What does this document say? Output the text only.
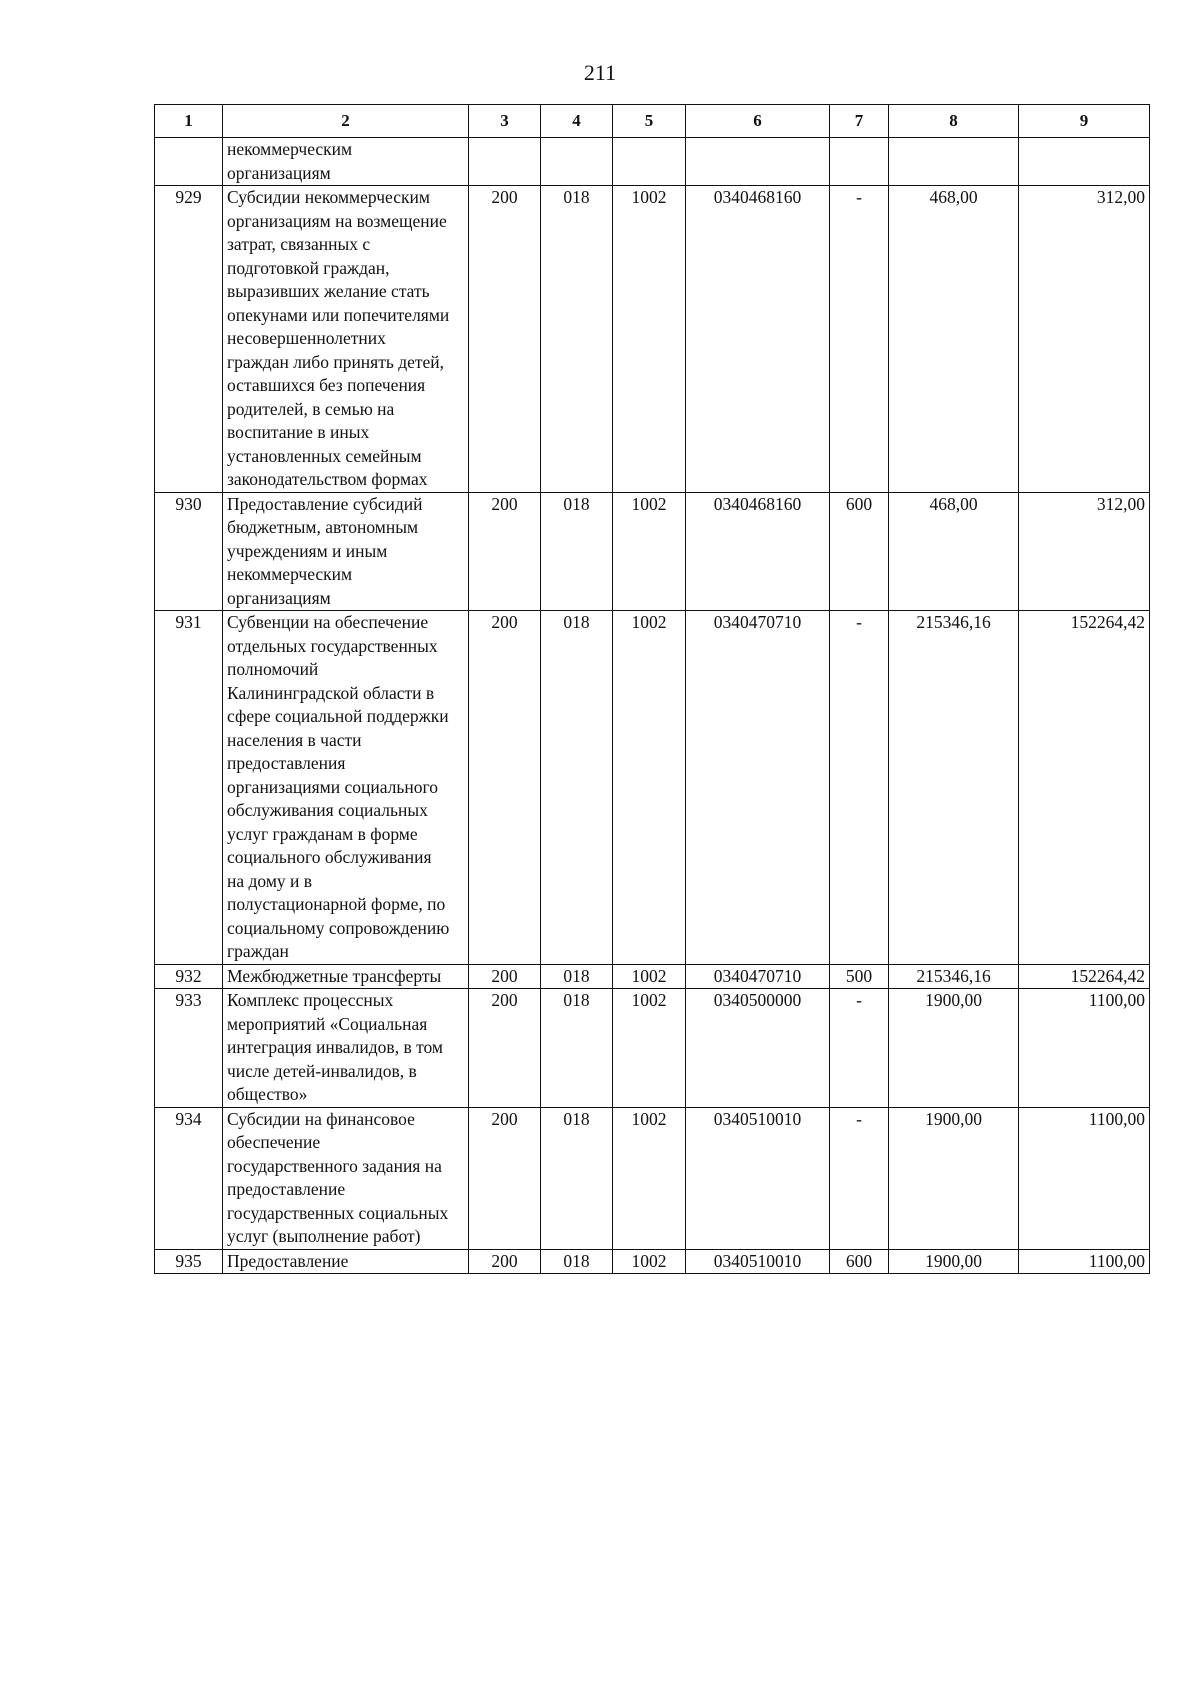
211
1	2	3	4	5	6	7	8	9

	некоммерческим организациям							

929	Субсидии некоммерческим организациям на возмещение затрат, связанных с подготовкой граждан, выразивших желание стать опекунами или попечителями несовершеннолетних граждан либо принять детей, оставшихся без попечения родителей, в семью на воспитание в иных установленных семейным законодательством формах	200	018	1002	0340468160	-	468,00	312,00
930	Предоставление субсидий бюджетным, автономным учреждениям и иным некоммерческим организациям	200	018	1002	0340468160	600	468,00	312,00
931	Субвенции на обеспечение отдельных государственных полномочий Калининградской области в сфере социальной поддержки населения в части предоставления организациями социального обслуживания социальных услуг гражданам в форме социального обслуживания на дому и в полустационарной форме, по социальному сопровождению граждан	200	018	1002	0340470710	-	215346,16	152264,42
932	Межбюджетные трансферты	200	018	1002	0340470710	500	215346,16	152264,42
933	Комплекс процессных мероприятий «Социальная интеграция инвалидов, в том числе детей-инвалидов, в общество»	200	018	1002	0340500000	-	1900,00	1100,00
934	Субсидии на финансовое обеспечение государственного задания на предоставление государственных социальных услуг (выполнение работ)	200	018	1002	0340510010	-	1900,00	1100,00
935	Предоставление	200	018	1002	0340510010	600	1900,00	1100,00
